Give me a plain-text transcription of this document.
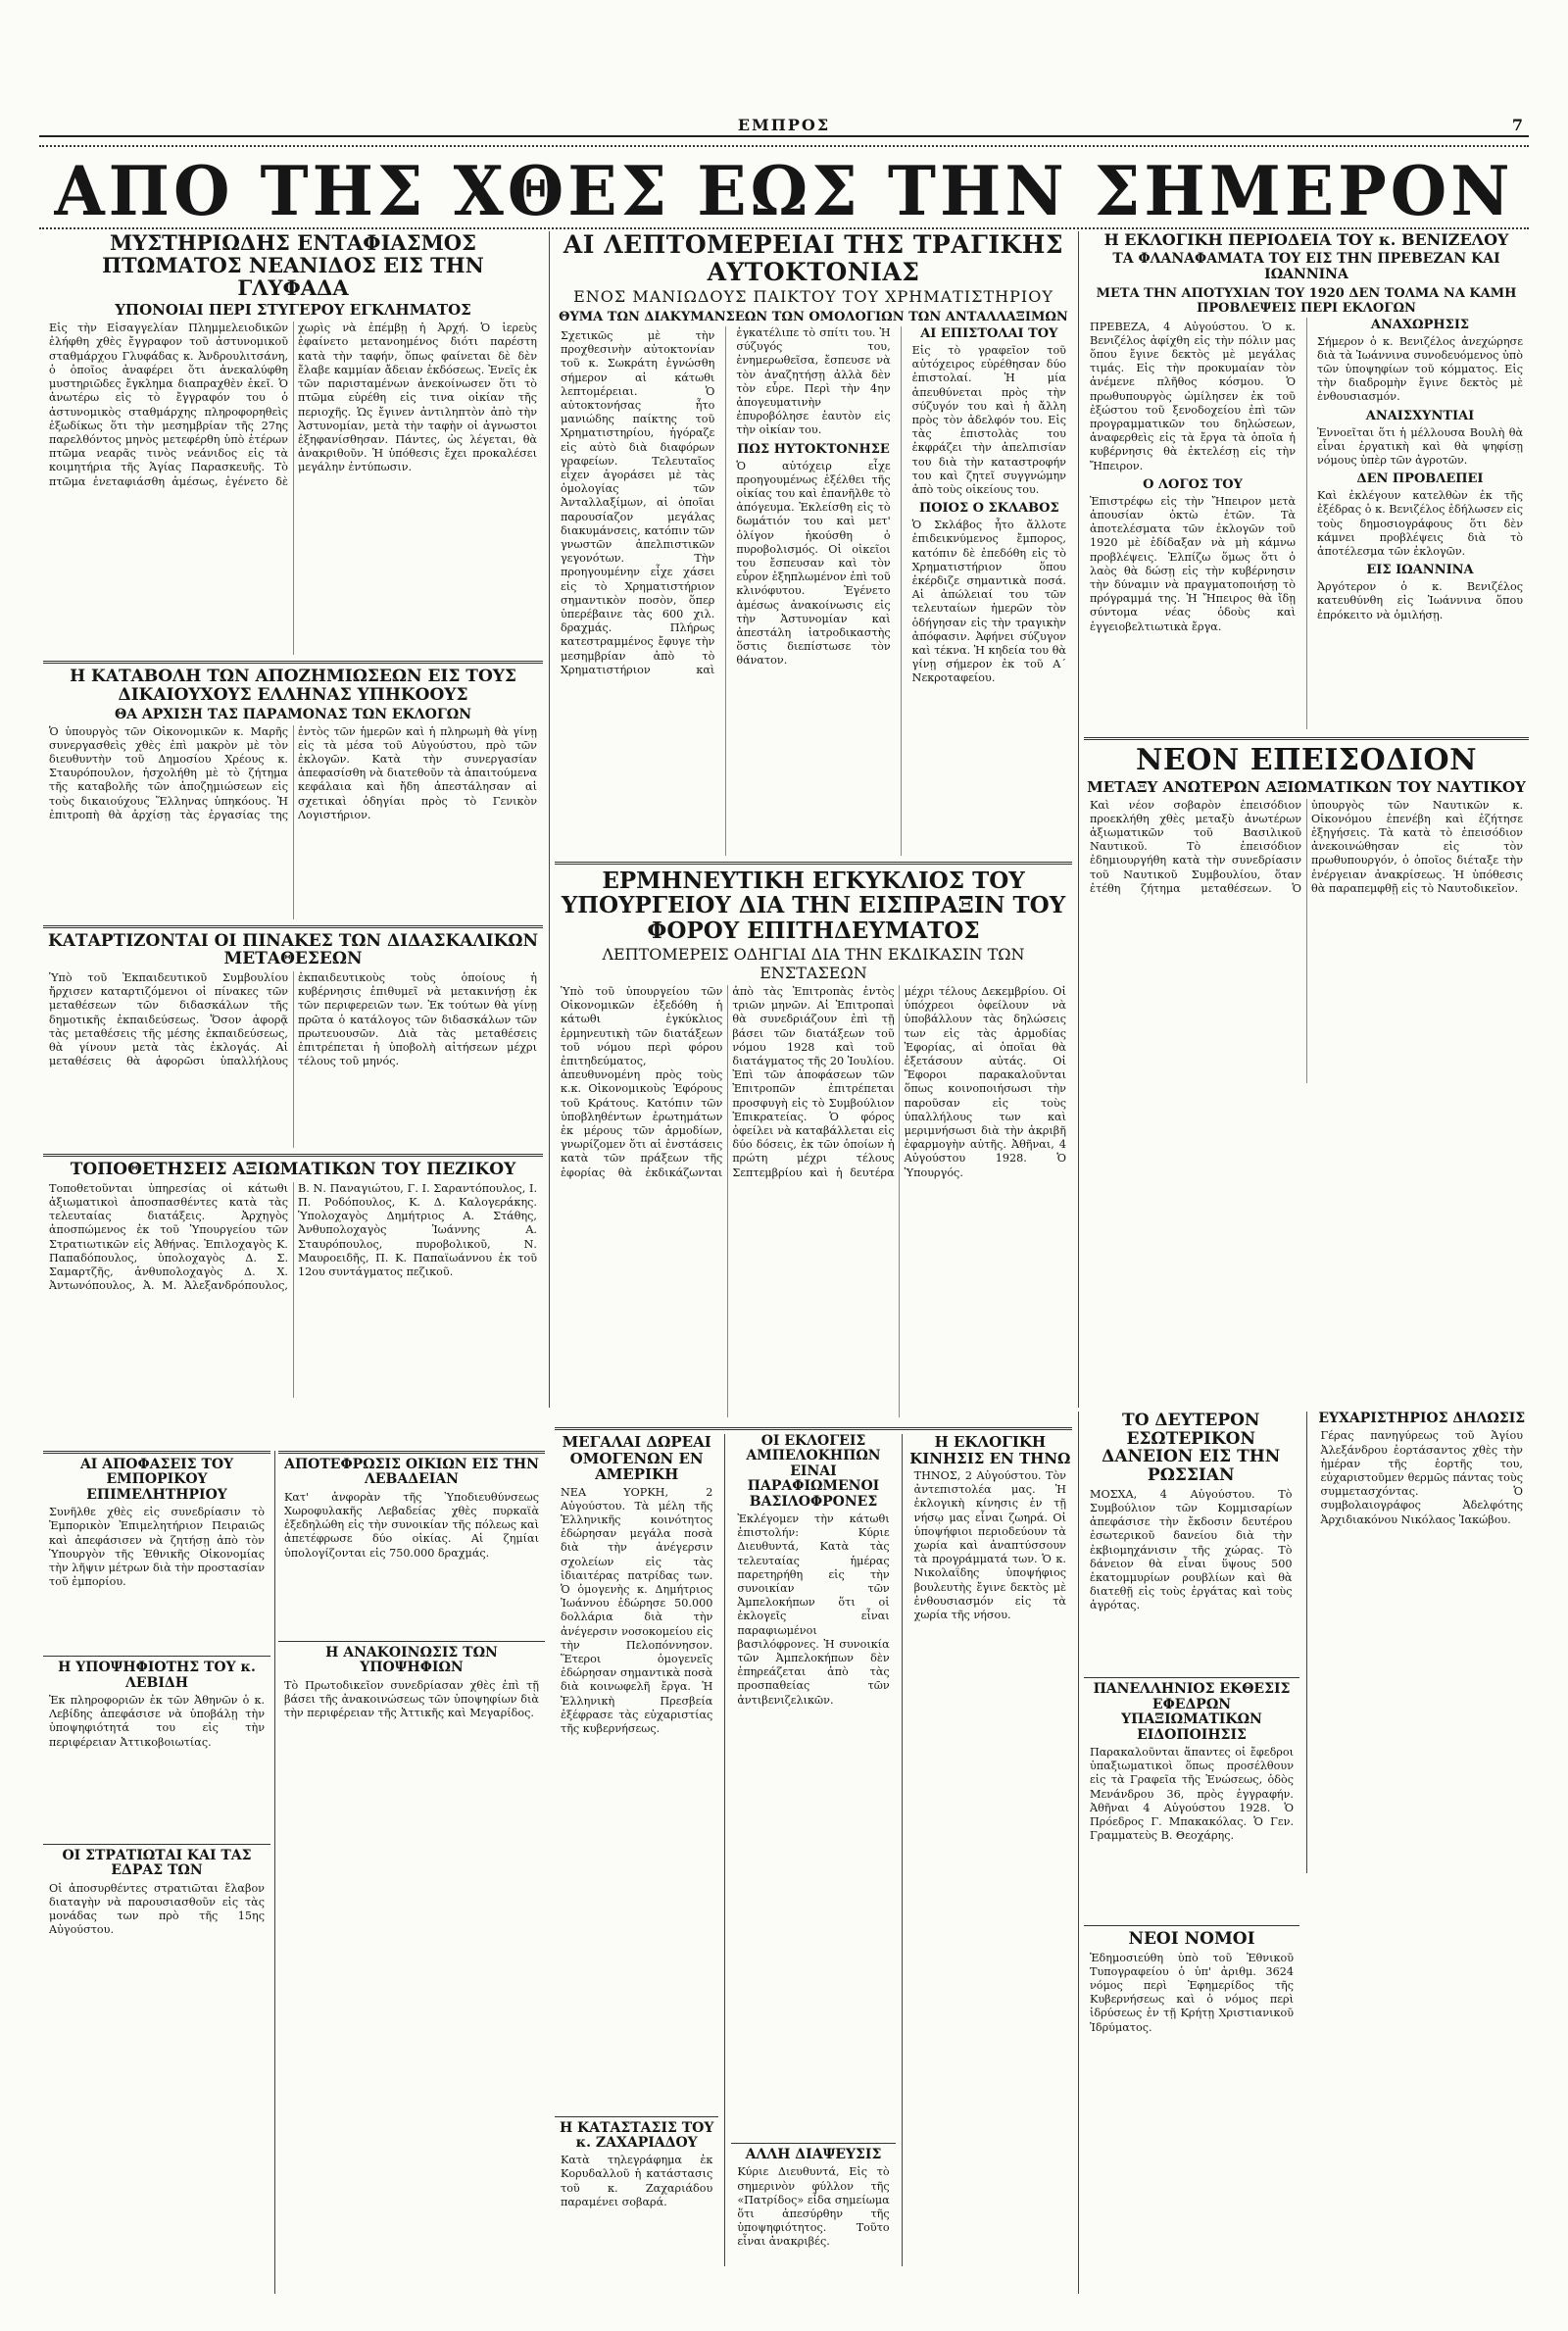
ΕΜΠΡΟΣ	7
ΑΠΟ ΤΗΣ ΧΘΕΣ ΕΩΣ ΤΗΝ ΣΗΜΕΡΟΝ
ΜΥΣΤΗΡΙΩΔΗΣ ΕΝΤΑΦΙΑΣΜΟΣ ΠΤΩΜΑΤΟΣ ΝΕΑΝΙΔΟΣ ΕΙΣ ΤΗΝ ΓΛΥΦΑΔΑ
ΥΠΟΝΟΙΑΙ ΠΕΡΙ ΣΤΥΓΕΡΟΥ ΕΓΚΛΗΜΑΤΟΣ
Εἰς τὴν Εἰσαγγελίαν Πλημμελειοδικῶν ἐλήφθη χθὲς ἔγγραφον τοῦ ἀστυνομικοῦ σταθμάρχου Γλυφάδας κ. Ἀνδρουλιτσάνη, ὁ ὁποῖος ἀναφέρει ὅτι ἀνεκαλύφθη μυστηριῶδες ἔγκλημα διαπραχθὲν ἐκεῖ. Ὁ ἀνωτέρω εἰς τὸ ἔγγραφόν του ὁ ἀστυνομικὸς σταθμάρχης πληροφορηθεὶς ἐξωδίκως ὅτι τὴν μεσημβρίαν τῆς 27ης παρελθόντος μηνὸς μετεφέρθη ὑπὸ ἑτέρων πτῶμα νεαρᾶς τινὸς νεάνιδος εἰς τὰ κοιμητήρια τῆς Ἁγίας Παρασκευῆς. Τὸ πτῶμα ἐνεταφιάσθη ἀμέσως, ἐγένετο δὲ χωρὶς νὰ ἐπέμβῃ ἡ Ἀρχή. Ὁ ἰερεὺς ἐφαίνετο μετανοημένος διότι παρέστη κατὰ τὴν ταφήν, ὅπως φαίνεται δὲ δὲν ἔλαβε καμμίαν ἄδειαν ἐκδόσεως. Ἐνεῖς ἐκ τῶν παρισταμένων ἀνεκοίνωσεν ὅτι τὸ πτῶμα εὑρέθη εἰς τινα οἰκίαν τῆς περιοχῆς. Ὡς ἔγινεν ἀντιληπτὸν ἀπὸ τὴν Ἀστυνομίαν, μετὰ τὴν ταφὴν οἱ ἀγνωστοι ἐξηφανίσθησαν. Πάντες, ὡς λέγεται, θὰ ἀνακριθοῦν. Ἡ ὑπόθεσις ἔχει προκαλέσει μεγάλην ἐντύπωσιν.
Η ΚΑΤΑΒΟΛΗ ΤΩΝ ΑΠΟΖΗΜΙΩΣΕΩΝ ΕΙΣ ΤΟΥΣ ΔΙΚΑΙΟΥΧΟΥΣ ΕΛΛΗΝΑΣ ΥΠΗΚΟΟΥΣ
ΘΑ ΑΡΧΙΣΗ ΤΑΣ ΠΑΡΑΜΟΝΑΣ ΤΩΝ ΕΚΛΟΓΩΝ
Ὁ ὑπουργὸς τῶν Οἰκονομικῶν κ. Μαρῆς συνεργασθεὶς χθὲς ἐπὶ μακρὸν μὲ τὸν διευθυντὴν τοῦ Δημοσίου Χρέους κ. Σταυρόπουλον, ἠσχολήθη μὲ τὸ ζήτημα τῆς καταβολῆς τῶν ἀποζημιώσεων εἰς τοὺς δικαιούχους Ἕλληνας ὑπηκόους. Ἡ ἐπιτροπὴ θὰ ἀρχίσῃ τὰς ἐργασίας της ἐντὸς τῶν ἡμερῶν καὶ ἡ πληρωμὴ θὰ γίνῃ εἰς τὰ μέσα τοῦ Αὐγούστου, πρὸ τῶν ἐκλογῶν. Κατὰ τὴν συνεργασίαν ἀπεφασίσθη νὰ διατεθοῦν τὰ ἀπαιτούμενα κεφάλαια καὶ ἤδη ἀπεστάλησαν αἱ σχετικαὶ ὁδηγίαι πρὸς τὸ Γενικὸν Λογιστήριον.
ΚΑΤΑΡΤΙΖΟΝΤΑΙ ΟΙ ΠΙΝΑΚΕΣ ΤΩΝ ΔΙΔΑΣΚΑΛΙΚΩΝ ΜΕΤΑΘΕΣΕΩΝ
Ὑπὸ τοῦ Ἐκπαιδευτικοῦ Συμβουλίου ἤρχισεν καταρτιζόμενοι οἱ πίνακες τῶν μεταθέσεων τῶν διδασκάλων τῆς δημοτικῆς ἐκπαιδεύσεως. Ὅσον ἀφορᾷ τὰς μεταθέσεις τῆς μέσης ἐκπαιδεύσεως, θὰ γίνουν μετὰ τὰς ἐκλογάς. Αἱ μεταθέσεις θὰ ἀφορῶσι ὑπαλλήλους ἐκπαιδευτικοὺς τοὺς ὁποίους ἡ κυβέρνησις ἐπιθυμεῖ νὰ μετακινήσῃ ἐκ τῶν περιφερειῶν των. Ἐκ τούτων θὰ γίνῃ πρῶτα ὁ κατάλογος τῶν διδασκάλων τῶν πρωτευουσῶν. Διὰ τὰς μεταθέσεις ἐπιτρέπεται ἡ ὑποβολὴ αἰτήσεων μέχρι τέλους τοῦ μηνός.
ΤΟΠΟΘΕΤΗΣΕΙΣ ΑΞΙΩΜΑΤΙΚΩΝ ΤΟΥ ΠΕΖΙΚΟΥ
Τοποθετοῦνται ὑπηρεσίας οἱ κάτωθι ἀξιωματικοὶ ἀποσπασθέντες κατὰ τὰς τελευταίας διατάξεις. Ἀρχηγὸς ἀποσπώμενος ἐκ τοῦ Ὑπουργείου τῶν Στρατιωτικῶν εἰς Ἀθήνας. Ἐπιλοχαγὸς Κ. Παπαδόπουλος, ὑπολοχαγὸς Δ. Σ. Σαμαρτζῆς, ἀνθυπολοχαγὸς Δ. Χ. Ἀντωνόπουλος, Ἀ. Μ. Ἀλεξανδρόπουλος, Β. Ν. Παναγιώτου, Γ. Ι. Σαραντόπουλος, Ι. Π. Ροδόπουλος, Κ. Δ. Καλογεράκης. Ὑπολοχαγὸς Δημήτριος Α. Στάθης, Ἀνθυπολοχαγὸς Ἰωάννης Α. Σταυρόπουλος, πυροβολικοῦ, Ν. Μαυροειδῆς, Π. Κ. Παπαϊωάννου ἐκ τοῦ 12ου συντάγματος πεζικοῦ.
ΑΙ ΛΕΠΤΟΜΕΡΕΙΑΙ ΤΗΣ ΤΡΑΓΙΚΗΣ ΑΥΤΟΚΤΟΝΙΑΣ
ΕΝΟΣ ΜΑΝΙΩΔΟΥΣ ΠΑΙΚΤΟΥ ΤΟΥ ΧΡΗΜΑΤΙΣΤΗΡΙΟΥ
ΘΥΜΑ ΤΩΝ ΔΙΑΚΥΜΑΝΣΕΩΝ ΤΩΝ ΟΜΟΛΟΓΙΩΝ ΤΩΝ ΑΝΤΑΛΛΑΞΙΜΩΝ
Σχετικῶς μὲ τὴν προχθεσινὴν αὐτοκτονίαν τοῦ κ. Σωκράτη ἐγνώσθη σήμερον αἱ κάτωθι λεπτομέρειαι. Ὁ αὐτοκτονήσας ἦτο μανιώδης παίκτης τοῦ Χρηματιστηρίου, ἠγόραζε εἰς αὐτὸ διὰ διαφόρων γραφείων. Τελευταῖος εἶχεν ἀγοράσει μὲ τὰς ὁμολογίας τῶν Ἀνταλλαξίμων, αἱ ὁποῖαι παρουσίαζον μεγάλας διακυμάνσεις, κατόπιν τῶν γνωστῶν ἀπελπιστικῶν γεγονότων. Τὴν προηγουμένην εἶχε χάσει εἰς τὸ Χρηματιστήριον σημαντικὸν ποσὸν, ὅπερ ὑπερέβαινε τὰς 600 χιλ. δραχμάς. Πλήρως κατεστραμμένος ἔφυγε τὴν μεσημβρίαν ἀπὸ τὸ Χρηματιστήριον καὶ ἐγκατέλιπε τὸ σπίτι του. Ἡ σύζυγός του, ἐνημερωθεῖσα, ἔσπευσε νὰ τὸν ἀναζητήσῃ ἀλλὰ δὲν τὸν εὗρε. Περὶ τὴν 4ην ἀπογευματινὴν ἐπυροβόλησε ἑαυτὸν εἰς τὴν οἰκίαν του.
ΠΩΣ ΗΥΤΟΚΤΟΝΗΣΕ
Ὁ αὐτόχειρ εἶχε προηγουμένως ἐξέλθει τῆς οἰκίας του καὶ ἐπανῆλθε τὸ ἀπόγευμα. Ἐκλείσθη εἰς τὸ δωμάτιόν του καὶ μετ' ὀλίγον ἠκούσθη ὁ πυροβολισμός. Οἱ οἰκεῖοι του ἔσπευσαν καὶ τὸν εὗρον ἐξηπλωμένον ἐπὶ τοῦ κλινόφυτου. Ἐγένετο ἀμέσως ἀνακοίνωσις εἰς τὴν Ἀστυνομίαν καὶ ἀπεστάλη ἰατροδικαστὴς ὅστις διεπίστωσε τὸν θάνατον.
ΑΙ ΕΠΙΣΤΟΛΑΙ ΤΟΥ
Εἰς τὸ γραφεῖον τοῦ αὐτόχειρος εὑρέθησαν δύο ἐπιστολαί. Ἡ μία ἀπευθύνεται πρὸς τὴν σύζυγόν του καὶ ἡ ἄλλη πρὸς τὸν ἀδελφόν του. Εἰς τὰς ἐπιστολὰς του ἐκφράζει τὴν ἀπελπισίαν του διὰ τὴν καταστροφήν του καὶ ζητεῖ συγγνώμην ἀπὸ τοὺς οἰκείους του.
ΠΟΙΟΣ Ο ΣΚΛΑΒΟΣ
Ὁ Σκλάβος ἦτο ἄλλοτε ἐπιδεικνύμενος ἔμπορος, κατόπιν δὲ ἐπεδόθη εἰς τὸ Χρηματιστήριον ὅπου ἐκέρδιζε σημαντικὰ ποσά. Αἱ ἀπώλειαί του τῶν τελευταίων ἡμερῶν τὸν ὁδήγησαν εἰς τὴν τραγικὴν ἀπόφασιν. Ἀφήνει σύζυγον καὶ τέκνα. Ἡ κηδεία του θὰ γίνῃ σήμερον ἐκ τοῦ Α΄ Νεκροταφείου.
ΕΡΜΗΝΕΥΤΙΚΗ ΕΓΚΥΚΛΙΟΣ ΤΟΥ ΥΠΟΥΡΓΕΙΟΥ ΔΙΑ ΤΗΝ ΕΙΣΠΡΑΞΙΝ ΤΟΥ ΦΟΡΟΥ ΕΠΙΤΗΔΕΥΜΑΤΟΣ
ΛΕΠΤΟΜΕΡΕΙΣ ΟΔΗΓΙΑΙ ΔΙΑ ΤΗΝ ΕΚΔΙΚΑΣΙΝ ΤΩΝ ΕΝΣΤΑΣΕΩΝ
Ὑπὸ τοῦ ὑπουργείου τῶν Οἰκονομικῶν ἐξεδόθη ἡ κάτωθι ἐγκύκλιος ἑρμηνευτικὴ τῶν διατάξεων τοῦ νόμου περὶ φόρου ἐπιτηδεύματος, ἀπευθυνομένη πρὸς τοὺς κ.κ. Οἰκονομικοὺς Ἐφόρους τοῦ Κράτους. Κατόπιν τῶν ὑποβληθέντων ἐρωτημάτων ἐκ μέρους τῶν ἁρμοδίων, γνωρίζομεν ὅτι αἱ ἐνστάσεις κατὰ τῶν πράξεων τῆς ἐφορίας θὰ ἐκδικάζωνται ἀπὸ τὰς Ἐπιτροπὰς ἐντὸς τριῶν μηνῶν. Αἱ Ἐπιτροπαὶ θὰ συνεδριάζουν ἐπὶ τῇ βάσει τῶν διατάξεων τοῦ νόμου 1928 καὶ τοῦ διατάγματος τῆς 20 Ἰουλίου. Ἐπὶ τῶν ἀποφάσεων τῶν Ἐπιτροπῶν ἐπιτρέπεται προσφυγὴ εἰς τὸ Συμβούλιον Ἐπικρατείας. Ὁ φόρος ὀφείλει νὰ καταβάλλεται εἰς δύο δόσεις, ἐκ τῶν ὁποίων ἡ πρώτη μέχρι τέλους Σεπτεμβρίου καὶ ἡ δευτέρα μέχρι τέλους Δεκεμβρίου. Οἱ ὑπόχρεοι ὀφείλουν νὰ ὑποβάλλουν τὰς δηλώσεις των εἰς τὰς ἁρμοδίας Ἐφορίας, αἱ ὁποῖαι θὰ ἐξετάσουν αὐτάς. Οἱ Ἔφοροι παρακαλοῦνται ὅπως κοινοποιήσωσι τὴν παροῦσαν εἰς τοὺς ὑπαλλήλους των καὶ μεριμνήσωσι διὰ τὴν ἀκριβῆ ἐφαρμογὴν αὐτῆς. Ἀθῆναι, 4 Αὐγούστου 1928. Ὁ Ὑπουργός.
Η ΕΚΛΟΓΙΚΗ ΠΕΡΙΟΔΕΙΑ ΤΟΥ κ. ΒΕΝΙΖΕΛΟΥ
ΤΑ ΦΛΑΝΑΦΑΜΑΤΑ ΤΟΥ ΕΙΣ ΤΗΝ ΠΡΕΒΕΖΑΝ ΚΑΙ ΙΩΑΝΝΙΝΑ
ΜΕΤΑ ΤΗΝ ΑΠΟΤΥΧΙΑΝ ΤΟΥ 1920 ΔΕΝ ΤΟΛΜΑ ΝΑ ΚΑΜΗ ΠΡΟΒΛΕΨΕΙΣ ΠΕΡΙ ΕΚΛΟΓΩΝ
ΠΡΕΒΕΖΑ, 4 Αὐγούστου. Ὁ κ. Βενιζέλος ἀφίχθη εἰς τὴν πόλιν μας ὅπου ἔγινε δεκτὸς μὲ μεγάλας τιμάς. Εἰς τὴν προκυμαίαν τὸν ἀνέμενε πλῆθος κόσμου. Ὁ πρωθυπουργὸς ὡμίλησεν ἐκ τοῦ ἐξώστου τοῦ ξενοδοχείου ἐπὶ τῶν προγραμματικῶν του δηλώσεων, ἀναφερθεὶς εἰς τὰ ἔργα τὰ ὁποῖα ἡ κυβέρνησις θὰ ἐκτελέσῃ εἰς τὴν Ἤπειρον.
Ο ΛΟΓΟΣ ΤΟΥ
Ἐπιστρέφω εἰς τὴν Ἤπειρον μετὰ ἀπουσίαν ὀκτὼ ἐτῶν. Τὰ ἀποτελέσματα τῶν ἐκλογῶν τοῦ 1920 μὲ ἐδίδαξαν νὰ μὴ κάμνω προβλέψεις. Ἐλπίζω ὅμως ὅτι ὁ λαὸς θὰ δώσῃ εἰς τὴν κυβέρνησιν τὴν δύναμιν νὰ πραγματοποιήσῃ τὸ πρόγραμμά της. Ἡ Ἤπειρος θὰ ἴδῃ σύντομα νέας ὁδοὺς καὶ ἐγγειοβελτιωτικὰ ἔργα.
ΑΝΑΧΩΡΗΣΙΣ
Σήμερον ὁ κ. Βενιζέλος ἀνεχώρησε διὰ τὰ Ἰωάννινα συνοδευόμενος ὑπὸ τῶν ὑποψηφίων τοῦ κόμματος. Εἰς τὴν διαδρομὴν ἔγινε δεκτὸς μὲ ἐνθουσιασμόν.
ΑΝΑΙΣΧΥΝΤΙΑΙ
Ἐννοεῖται ὅτι ἡ μέλλουσα Βουλὴ θὰ εἶναι ἐργατικὴ καὶ θὰ ψηφίσῃ νόμους ὑπὲρ τῶν ἀγροτῶν.
ΔΕΝ ΠΡΟΒΛΕΠΕΙ
Καὶ ἐκλέγουν κατελθὼν ἐκ τῆς ἐξέδρας ὁ κ. Βενιζέλος ἐδήλωσεν εἰς τοὺς δημοσιογράφους ὅτι δὲν κάμνει προβλέψεις διὰ τὸ ἀποτέλεσμα τῶν ἐκλογῶν.
ΕΙΣ ΙΩΑΝΝΙΝΑ
Ἀργότερον ὁ κ. Βενιζέλος κατευθύνθη εἰς Ἰωάννινα ὅπου ἐπρόκειτο νὰ ὁμιλήσῃ.
ΝΕΟΝ ΕΠΕΙΣΟΔΙΟΝ
ΜΕΤΑΞΥ ΑΝΩΤΕΡΩΝ ΑΞΙΩΜΑΤΙΚΩΝ ΤΟΥ ΝΑΥΤΙΚΟΥ
Καὶ νέον σοβαρὸν ἐπεισόδιον προεκλήθη χθὲς μεταξὺ ἀνωτέρων ἀξιωματικῶν τοῦ Βασιλικοῦ Ναυτικοῦ. Τὸ ἐπεισόδιον ἐδημιουργήθη κατὰ τὴν συνεδρίασιν τοῦ Ναυτικοῦ Συμβουλίου, ὅταν ἐτέθη ζήτημα μεταθέσεων. Ὁ ὑπουργὸς τῶν Ναυτικῶν κ. Οἰκονόμου ἐπενέβη καὶ ἐζήτησε ἐξηγήσεις. Τὰ κατὰ τὸ ἐπεισόδιον ἀνεκοινώθησαν εἰς τὸν πρωθυπουργόν, ὁ ὁποῖος διέταξε τὴν ἐνέργειαν ἀνακρίσεως. Ἡ ὑπόθεσις θὰ παραπεμφθῇ εἰς τὸ Ναυτοδικεῖον.
ΤΟ ΔΕΥΤΕΡΟΝ ΕΣΩΤΕΡΙΚΟΝ ΔΑΝΕΙΟΝ ΕΙΣ ΤΗΝ ΡΩΣΣΙΑΝ
ΜΟΣΧΑ, 4 Αὐγούστου. Τὸ Συμβούλιον τῶν Κομμισαρίων ἀπεφάσισε τὴν ἔκδοσιν δευτέρου ἐσωτερικοῦ δανείου διὰ τὴν ἐκβιομηχάνισιν τῆς χώρας. Τὸ δάνειον θὰ εἶναι ὕψους 500 ἑκατομμυρίων ρουβλίων καὶ θὰ διατεθῇ εἰς τοὺς ἐργάτας καὶ τοὺς ἀγρότας.
ΕΥΧΑΡΙΣΤΗΡΙΟΣ ΔΗΛΩΣΙΣ
Γέρας πανηγύρεως τοῦ Ἁγίου Ἀλεξάνδρου ἑορτάσαντος χθὲς τὴν ἡμέραν τῆς ἑορτῆς του, εὐχαριστοῦμεν θερμῶς πάντας τοὺς συμμετασχόντας. Ὁ συμβολαιογράφος Ἀδελφότης Ἀρχιδιακόνου Νικόλαος Ἰακώβου.
ΠΑΝΕΛΛΗΝΙΟΣ ΕΚΘΕΣΙΣ ΕΦΕΔΡΩΝ ΥΠΑΞΙΩΜΑΤΙΚΩΝ ΕΙΔΟΠΟΙΗΣΙΣ
Παρακαλοῦνται ἅπαντες οἱ ἔφεδροι ὑπαξιωματικοὶ ὅπως προσέλθουν εἰς τὰ Γραφεῖα τῆς Ἑνώσεως, ὁδὸς Μενάνδρου 36, πρὸς ἐγγραφήν. Ἀθῆναι 4 Αὐγούστου 1928. Ὁ Πρόεδρος Γ. Μπακακόλας. Ὁ Γεν. Γραμματεὺς Β. Θεοχάρης.
ΝΕΟΙ ΝΟΜΟΙ
Ἐδημοσιεύθη ὑπὸ τοῦ Ἐθνικοῦ Τυπογραφείου ὁ ὑπ' ἀριθμ. 3624 νόμος περὶ Ἐφημερίδος τῆς Κυβερνήσεως καὶ ὁ νόμος περὶ ἰδρύσεως ἐν τῇ Κρήτῃ Χριστιανικοῦ Ἰδρύματος.
ΑΙ ΑΠΟΦΑΣΕΙΣ ΤΟΥ ΕΜΠΟΡΙΚΟΥ ΕΠΙΜΕΛΗΤΗΡΙΟΥ
Συνῆλθε χθὲς εἰς συνεδρίασιν τὸ Ἐμπορικὸν Ἐπιμελητήριον Πειραιῶς καὶ ἀπεφάσισεν νὰ ζητήσῃ ἀπὸ τὸν Ὑπουργὸν τῆς Ἐθνικῆς Οἰκονομίας τὴν λῆψιν μέτρων διὰ τὴν προστασίαν τοῦ ἐμπορίου.
Η ΥΠΟΨΗΦΙΟΤΗΣ ΤΟΥ κ. ΛΕΒΙΔΗ
Ἐκ πληροφοριῶν ἐκ τῶν Ἀθηνῶν ὁ κ. Λεβίδης ἀπεφάσισε νὰ ὑποβάλῃ τὴν ὑποψηφιότητά του εἰς τὴν περιφέρειαν Ἀττικοβοιωτίας.
ΟΙ ΣΤΡΑΤΙΩΤΑΙ ΚΑΙ ΤΑΣ ΕΔΡΑΣ ΤΩΝ
Οἱ ἀποσυρθέντες στρατιῶται ἔλαβον διαταγὴν νὰ παρουσιασθοῦν εἰς τὰς μονάδας των πρὸ τῆς 15ης Αὐγούστου.
ΑΠΟΤΕΦΡΩΣΙΣ ΟΙΚΙΩΝ ΕΙΣ ΤΗΝ ΛΕΒΑΔΕΙΑΝ
Κατ' ἀνφορὰν τῆς Ὑποδιευθύνσεως Χωροφυλακῆς Λεβαδείας χθὲς πυρκαϊὰ ἐξεδηλώθη εἰς τὴν συνοικίαν τῆς πόλεως καὶ ἀπετέφρωσε δύο οἰκίας. Αἱ ζημίαι ὑπολογίζονται εἰς 750.000 δραχμάς.
Η ΑΝΑΚΟΙΝΩΣΙΣ ΤΩΝ ΥΠΟΨΗΦΙΩΝ
Τὸ Πρωτοδικεῖον συνεδρίασαν χθὲς ἐπὶ τῇ βάσει τῆς ἀνακοινώσεως τῶν ὑποψηφίων διὰ τὴν περιφέρειαν τῆς Ἀττικῆς καὶ Μεγαρίδος.
ΜΕΓΑΛΑΙ ΔΩΡΕΑΙ ΟΜΟΓΕΝΩΝ ΕΝ ΑΜΕΡΙΚΗ
ΝΕΑ ΥΟΡΚΗ, 2 Αὐγούστου. Τὰ μέλη τῆς Ἑλληνικῆς κοινότητος ἐδώρησαν μεγάλα ποσὰ διὰ τὴν ἀνέγερσιν σχολείων εἰς τὰς ἰδιαιτέρας πατρίδας των. Ὁ ὁμογενὴς κ. Δημήτριος Ἰωάννου ἐδώρησε 50.000 δολλάρια διὰ τὴν ἀνέγερσιν νοσοκομείου εἰς τὴν Πελοπόννησον. Ἕτεροι ὁμογενεῖς ἐδώρησαν σημαντικὰ ποσὰ διὰ κοινωφελῆ ἔργα. Ἡ Ἑλληνικὴ Πρεσβεία ἐξέφρασε τὰς εὐχαριστίας τῆς κυβερνήσεως.
Η ΚΑΤΑΣΤΑΣΙΣ ΤΟΥ κ. ΖΑΧΑΡΙΑΔΟΥ
Κατὰ τηλεγράφημα ἐκ Κορυδαλλοῦ ἡ κατάστασις τοῦ κ. Ζαχαριάδου παραμένει σοβαρά.
ΟΙ ΕΚΛΟΓΕΙΣ ΑΜΠΕΛΟΚΗΠΩΝ ΕΙΝΑΙ ΠΑΡΑΦΙΩΜΕΝΟΙ ΒΑΣΙΛΟΦΡΟΝΕΣ
Ἐκλέγομεν τὴν κάτωθι ἐπιστολήν: Κύριε Διευθυντά, Κατὰ τὰς τελευταίας ἡμέρας παρετηρήθη εἰς τὴν συνοικίαν τῶν Ἀμπελοκήπων ὅτι οἱ ἐκλογεῖς εἶναι παραφιωμένοι βασιλόφρονες. Ἡ συνοικία τῶν Ἀμπελοκήπων δὲν ἐπηρεάζεται ἀπὸ τὰς προσπαθείας τῶν ἀντιβενιζελικῶν.
ΑΛΛΗ ΔΙΑΨΕΥΣΙΣ
Κύριε Διευθυντά, Εἰς τὸ σημερινὸν φύλλον τῆς «Πατρίδος» εἶδα σημείωμα ὅτι ἀπεσύρθην τῆς ὑποψηφιότητος. Τοῦτο εἶναι ἀνακριβές.
Η ΕΚΛΟΓΙΚΗ ΚΙΝΗΣΙΣ ΕΝ ΤΗΝΩ
ΤΗΝΟΣ, 2 Αὐγούστου. Τὸν ἀντεπιστολέα μας. Ἡ ἐκλογικὴ κίνησις ἐν τῇ νήσῳ μας εἶναι ζωηρά. Οἱ ὑποψήφιοι περιοδεύουν τὰ χωρία καὶ ἀναπτύσσουν τὰ προγράμματά των. Ὁ κ. Νικολαΐδης ὑποψήφιος βουλευτὴς ἔγινε δεκτὸς μὲ ἐνθουσιασμόν εἰς τὰ χωρία τῆς νήσου.
